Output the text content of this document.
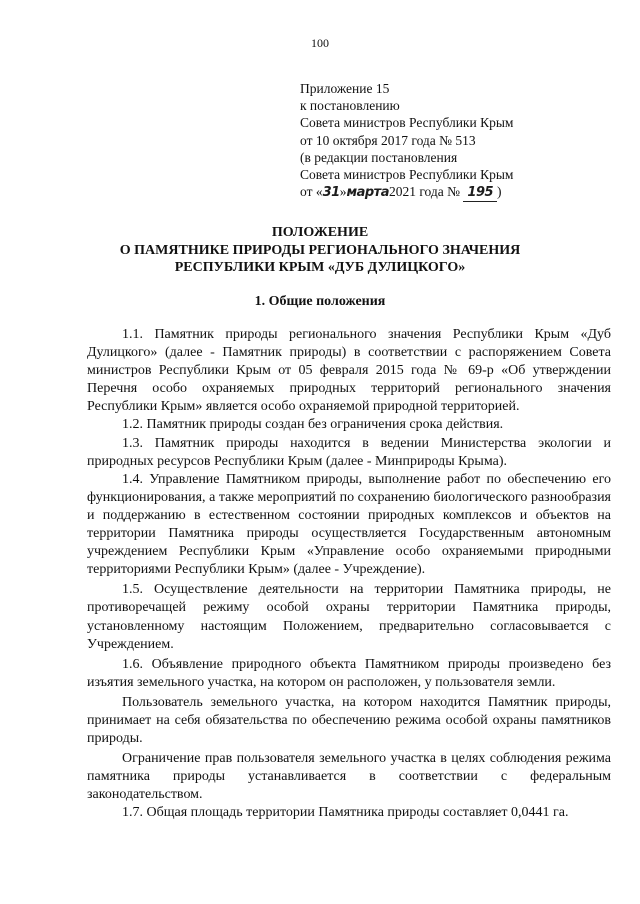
100
Приложение 15
к постановлению
Совета министров Республики Крым
от 10 октября 2017 года № 513
(в редакции постановления
Совета министров Республики Крым
от «31»марта2021 года № 195 )
ПОЛОЖЕНИЕ
О ПАМЯТНИКЕ ПРИРОДЫ РЕГИОНАЛЬНОГО ЗНАЧЕНИЯ
РЕСПУБЛИКИ КРЫМ «ДУБ ДУЛИЦКОГО»
1. Общие положения

1.1. Памятник природы регионального значения Республики Крым «Дуб Дулицкого» (далее - Памятник природы) в соответствии с распоряжением Совета министров Республики Крым от 05 февраля 2015 года № 69-р «Об утверждении Перечня особо охраняемых природных территорий регионального значения Республики Крым» является особо охраняемой природной территорией.

1.2. Памятник природы создан без ограничения срока действия.

1.3. Памятник природы находится в ведении Министерства экологии и природных ресурсов Республики Крым (далее - Минприроды Крыма).

1.4. Управление Памятником природы, выполнение работ по обеспечению его функционирования, а также мероприятий по сохранению биологического разнообразия и поддержанию в естественном состоянии природных комплексов и объектов на территории Памятника природы осуществляется Государственным автономным учреждением Республики Крым «Управление особо охраняемыми природными территориями Республики Крым» (далее - Учреждение).

1.5. Осуществление деятельности на территории Памятника природы, не противоречащей режиму особой охраны территории Памятника природы, установленному настоящим Положением, предварительно согласовывается с Учреждением.

1.6. Объявление природного объекта Памятником природы произведено без изъятия земельного участка, на котором он расположен, у пользователя земли.

Пользователь земельного участка, на котором находится Памятник природы, принимает на себя обязательства по обеспечению режима особой охраны памятников природы.

Ограничение прав пользователя земельного участка в целях соблюдения режима памятника природы устанавливается в соответствии с федеральным законодательством.

1.7. Общая площадь территории Памятника природы составляет 0,0441 га.
